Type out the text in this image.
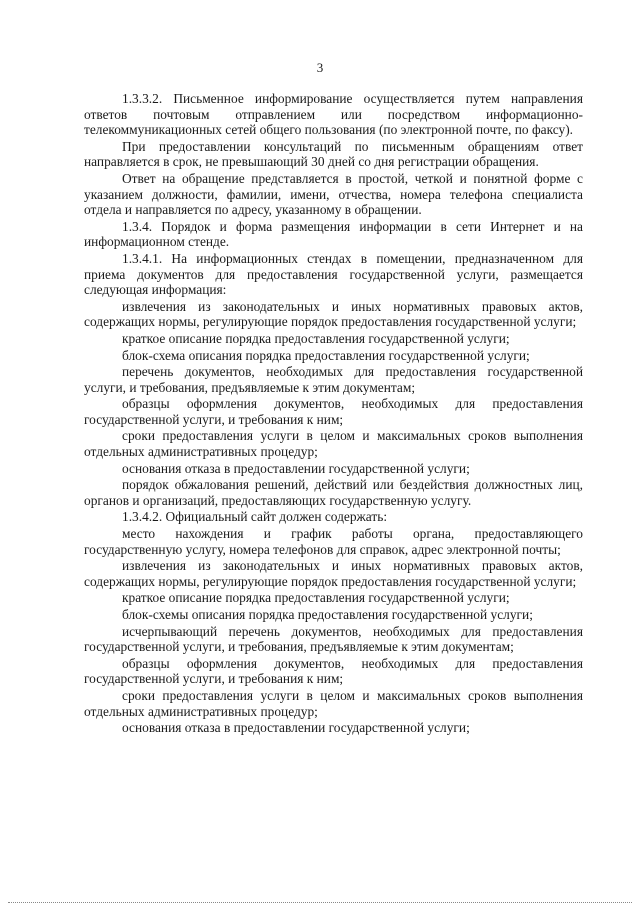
3

1.3.3.2. Письменное информирование осуществляется путем направления ответов почтовым отправлением или посредством информационно-телекоммуникационных сетей общего пользования (по электронной почте, по факсу).

При предоставлении консультаций по письменным обращениям ответ направляется в срок, не превышающий 30 дней со дня регистрации обращения.

Ответ на обращение представляется в простой, четкой и понятной форме с указанием должности, фамилии, имени, отчества, номера телефона специалиста отдела и направляется по адресу, указанному в обращении.

1.3.4. Порядок и форма размещения информации в сети Интернет и на информационном стенде.

1.3.4.1. На информационных стендах в помещении, предназначенном для приема документов для предоставления государственной услуги, размещается следующая информация:

извлечения из законодательных и иных нормативных правовых актов, содержащих нормы, регулирующие порядок предоставления государственной услуги;

краткое описание порядка предоставления государственной услуги;

блок-схема описания порядка предоставления государственной услуги;

перечень документов, необходимых для предоставления государственной услуги, и требования, предъявляемые к этим документам;

образцы оформления документов, необходимых для предоставления государственной услуги, и требования к ним;

сроки предоставления услуги в целом и максимальных сроков выполнения отдельных административных процедур;

основания отказа в предоставлении государственной услуги;

порядок обжалования решений, действий или бездействия должностных лиц, органов и организаций, предоставляющих государственную услугу.

1.3.4.2. Официальный сайт должен содержать:

место нахождения и график работы органа, предоставляющего государственную услугу, номера телефонов для справок, адрес электронной почты;

извлечения из законодательных и иных нормативных правовых актов, содержащих нормы, регулирующие порядок предоставления государственной услуги;

краткое описание порядка предоставления государственной услуги;

блок-схемы описания порядка предоставления государственной услуги;

исчерпывающий перечень документов, необходимых для предоставления государственной услуги, и требования, предъявляемые к этим документам;

образцы оформления документов, необходимых для предоставления государственной услуги, и требования к ним;

сроки предоставления услуги в целом и максимальных сроков выполнения отдельных административных процедур;

основания отказа в предоставлении государственной услуги;
